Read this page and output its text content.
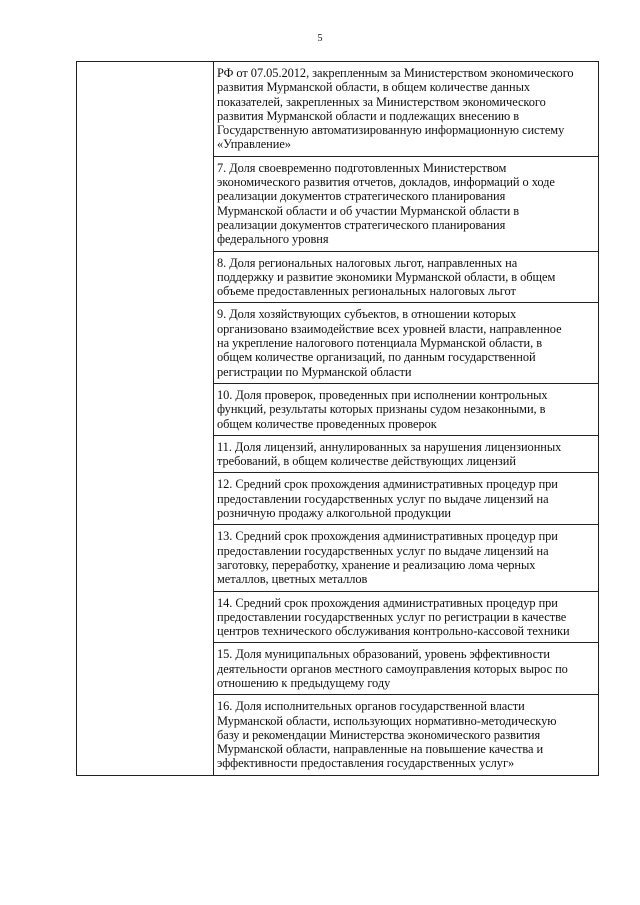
5

РФ от 07.05.2012, закрепленным за Министерством экономического
развития Мурманской области, в общем количестве данных
показателей, закрепленных за Министерством экономического
развития Мурманской области и подлежащих внесению в
Государственную автоматизированную информационную систему
«Управление»

7. Доля своевременно подготовленных Министерством
экономического развития отчетов, докладов, информаций о ходе
реализации документов стратегического планирования
Мурманской области и об участии Мурманской области в
реализации документов стратегического планирования
федерального уровня

8. Доля региональных налоговых льгот, направленных на
поддержку и развитие экономики Мурманской области, в общем
объеме предоставленных региональных налоговых льгот

9. Доля хозяйствующих субъектов, в отношении которых
организовано взаимодействие всех уровней власти, направленное
на укрепление налогового потенциала Мурманской области, в
общем количестве организаций, по данным государственной
регистрации по Мурманской области

10. Доля проверок, проведенных при исполнении контрольных
функций, результаты которых признаны судом незаконными, в
общем количестве проведенных проверок

11. Доля лицензий, аннулированных за нарушения лицензионных
требований, в общем количестве действующих лицензий

12. Средний срок прохождения административных процедур при
предоставлении государственных услуг по выдаче лицензий на
розничную продажу алкогольной продукции

13. Средний срок прохождения административных процедур при
предоставлении государственных услуг по выдаче лицензий на
заготовку, переработку, хранение и реализацию лома черных
металлов, цветных металлов

14. Средний срок прохождения административных процедур при
предоставлении государственных услуг по регистрации в качестве
центров технического обслуживания контрольно-кассовой техники

15. Доля муниципальных образований, уровень эффективности
деятельности органов местного самоуправления которых вырос по
отношению к предыдущему году

16. Доля исполнительных органов государственной власти
Мурманской области, использующих нормативно-методическую
базу и рекомендации Министерства экономического развития
Мурманской области, направленные на повышение качества и
эффективности предоставления государственных услуг»
